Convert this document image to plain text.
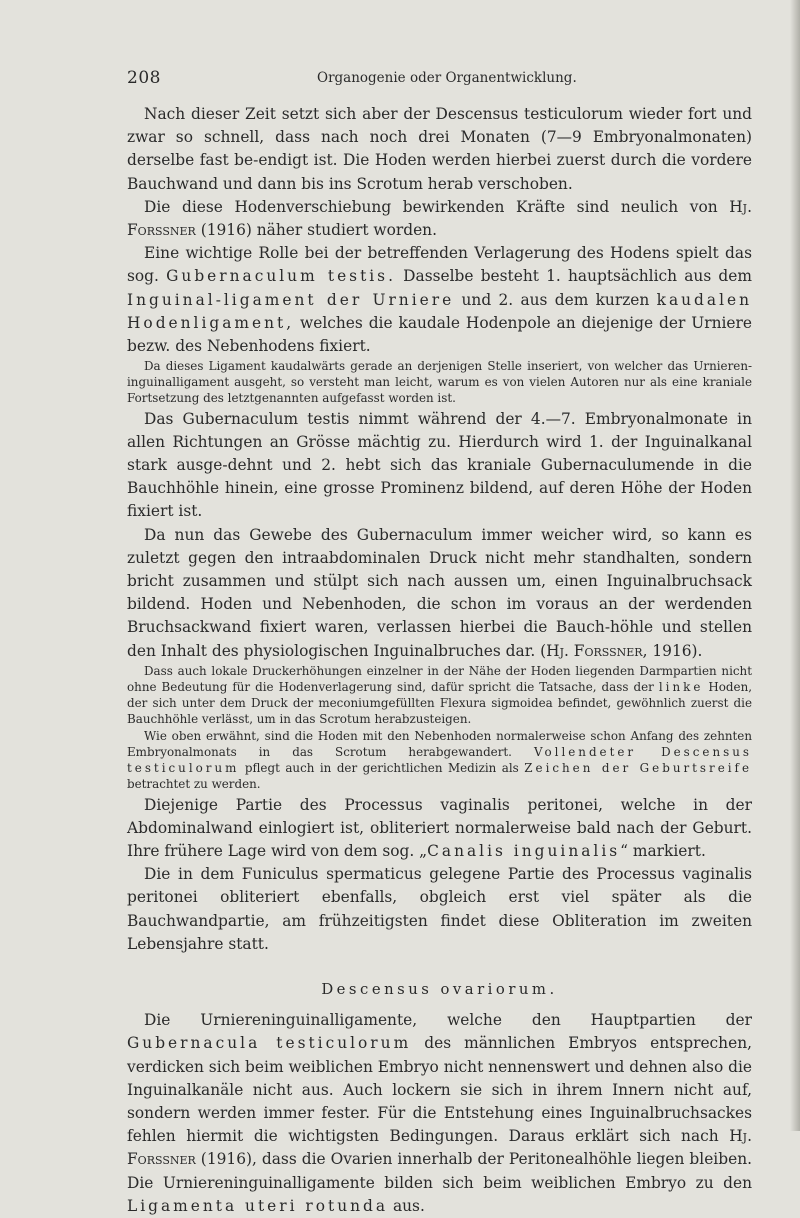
208	Organogenie oder Organentwicklung.

Nach dieser Zeit setzt sich aber der Descensus testiculorum wieder fort und zwar so schnell, dass nach noch drei Monaten (7—9 Embryonalmonaten) derselbe fast be-endigt ist. Die Hoden werden hierbei zuerst durch die vordere Bauchwand und dann bis ins Scrotum herab verschoben.

Die diese Hodenverschiebung bewirkenden Kräfte sind neulich von Hj. Forssner (1916) näher studiert worden.

Eine wichtige Rolle bei der betreffenden Verlagerung des Hodens spielt das sog. Gubernaculum testis. Dasselbe besteht 1. hauptsächlich aus dem Inguinal-ligament der Urniere und 2. aus dem kurzen kaudalen Hodenligament, welches die kaudale Hodenpole an diejenige der Urniere bezw. des Nebenhodens fixiert.

Da dieses Ligament kaudalwärts gerade an derjenigen Stelle inseriert, von welcher das Urnieren-inguinalligament ausgeht, so versteht man leicht, warum es von vielen Autoren nur als eine kraniale Fortsetzung des letztgenannten aufgefasst worden ist.

Das Gubernaculum testis nimmt während der 4.—7. Embryonalmonate in allen Richtungen an Grösse mächtig zu. Hierdurch wird 1. der Inguinalkanal stark ausge-dehnt und 2. hebt sich das kraniale Gubernaculumende in die Bauchhöhle hinein, eine grosse Prominenz bildend, auf deren Höhe der Hoden fixiert ist.

Da nun das Gewebe des Gubernaculum immer weicher wird, so kann es zuletzt gegen den intraabdominalen Druck nicht mehr standhalten, sondern bricht zusammen und stülpt sich nach aussen um, einen Inguinalbruchsack bildend. Hoden und Nebenhoden, die schon im voraus an der werdenden Bruchsackwand fixiert waren, verlassen hierbei die Bauch-höhle und stellen den Inhalt des physiologischen Inguinalbruches dar. (Hj. Forssner, 1916).

Dass auch lokale Druckerhöhungen einzelner in der Nähe der Hoden liegenden Darmpartien nicht ohne Bedeutung für die Hodenverlagerung sind, dafür spricht die Tatsache, dass der linke Hoden, der sich unter dem Druck der meconiumgefüllten Flexura sigmoidea befindet, gewöhnlich zuerst die Bauchhöhle verlässt, um in das Scrotum herabzusteigen.

Wie oben erwähnt, sind die Hoden mit den Nebenhoden normalerweise schon Anfang des zehnten Embryonalmonats in das Scrotum herabgewandert. Vollendeter Descensus testiculorum pflegt auch in der gerichtlichen Medizin als Zeichen der Geburtsreife betrachtet zu werden.

Diejenige Partie des Processus vaginalis peritonei, welche in der Abdominalwand einlogiert ist, obliteriert normalerweise bald nach der Geburt. Ihre frühere Lage wird von dem sog. „Canalis inguinalis“ markiert.

Die in dem Funiculus spermaticus gelegene Partie des Processus vaginalis peritonei obliteriert ebenfalls, obgleich erst viel später als die Bauchwandpartie, am frühzeitigsten findet diese Obliteration im zweiten Lebensjahre statt.

Descensus ovariorum.

Die Urniereninguinalligamente, welche den Hauptpartien der Gubernacula testiculorum des männlichen Embryos entsprechen, verdicken sich beim weiblichen Embryo nicht nennenswert und dehnen also die Inguinalkanäle nicht aus. Auch lockern sie sich in ihrem Innern nicht auf, sondern werden immer fester. Für die Entstehung eines Inguinalbruchsackes fehlen hiermit die wichtigsten Bedingungen. Daraus erklärt sich nach Hj. Forssner (1916), dass die Ovarien innerhalb der Peritonealhöhle liegen bleiben. Die Urniereninguinalligamente bilden sich beim weiblichen Embryo zu den Ligamenta uteri rotunda aus.
